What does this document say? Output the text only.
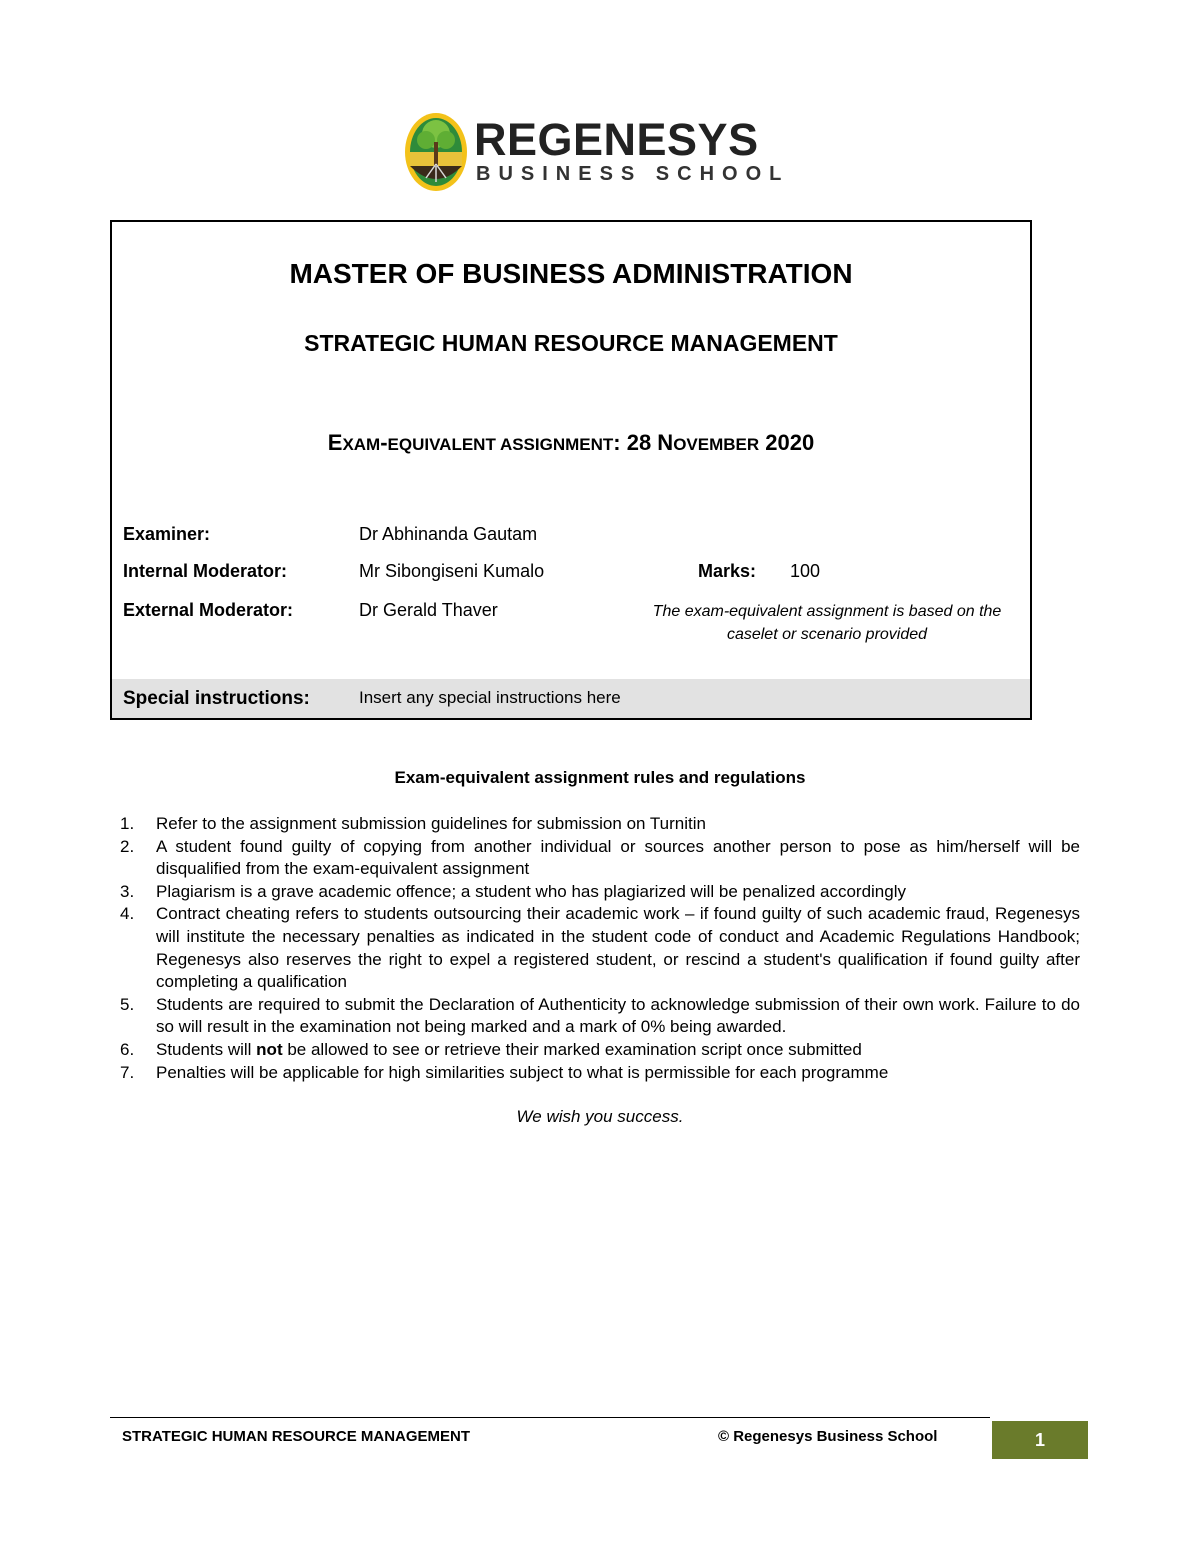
REGENESYS
BUSINESS SCHOOL
MASTER OF BUSINESS ADMINISTRATION
STRATEGIC HUMAN RESOURCE MANAGEMENT
EXAM-EQUIVALENT ASSIGNMENT: 28 NOVEMBER 2020
Examiner:	Dr Abhinanda Gautam
Internal Moderator:	Mr Sibongiseni Kumalo	Marks: 100
External Moderator:	Dr Gerald Thaver	The exam-equivalent assignment is based on the caselet or scenario provided
Special instructions:	Insert any special instructions here
Exam-equivalent assignment rules and regulations
1. Refer to the assignment submission guidelines for submission on Turnitin
2. A student found guilty of copying from another individual or sources another person to pose as him/herself will be disqualified from the exam-equivalent assignment
3. Plagiarism is a grave academic offence; a student who has plagiarized will be penalized accordingly
4. Contract cheating refers to students outsourcing their academic work – if found guilty of such academic fraud, Regenesys will institute the necessary penalties as indicated in the student code of conduct and Academic Regulations Handbook; Regenesys also reserves the right to expel a registered student, or rescind a student's qualification if found guilty after completing a qualification
5. Students are required to submit the Declaration of Authenticity to acknowledge submission of their own work. Failure to do so will result in the examination not being marked and a mark of 0% being awarded.
6. Students will not be allowed to see or retrieve their marked examination script once submitted
7. Penalties will be applicable for high similarities subject to what is permissible for each programme
We wish you success.
STRATEGIC HUMAN RESOURCE MANAGEMENT	© Regenesys Business School	1
